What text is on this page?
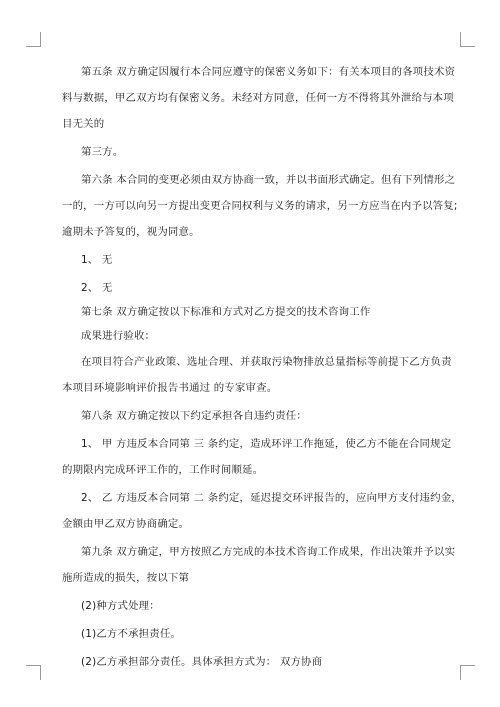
第五条 双方确定因履行本合同应遵守的保密义务如下：有关本项目的各项技术资

料与数据，甲乙双方均有保密义务。未经对方同意，任何一方不得将其外泄给与本项

目无关的

第三方。

第六条 本合同的变更必须由双方协商一致，并以书面形式确定。但有下列情形之

一的，一方可以向另一方提出变更合同权利与义务的请求，另一方应当在内予以答复;

逾期未予答复的，视为同意。

1、 无

2、 无

第七条 双方确定按以下标准和方式对乙方提交的技术咨询工作

成果进行验收：

在项目符合产业政策、选址合理、并获取污染物排放总量指标等前提下乙方负责

本项目环境影响评价报告书通过 的专家审查。

第八条 双方确定按以下约定承担各自违约责任：

1、 甲 方违反本合同第 三 条约定，造成环评工作拖延，使乙方不能在合同规定

的期限内完成环评工作的，工作时间顺延。

2、 乙 方违反本合同第 二 条约定，延迟提交环评报告的，应向甲方支付违约金，

金额由甲乙双方协商确定。

第九条 双方确定，甲方按照乙方完成的本技术咨询工作成果，作出决策并予以实

施所造成的损失，按以下第

(2)种方式处理：

(1)乙方不承担责任。

(2)乙方承担部分责任。具体承担方式为： 双方协商
